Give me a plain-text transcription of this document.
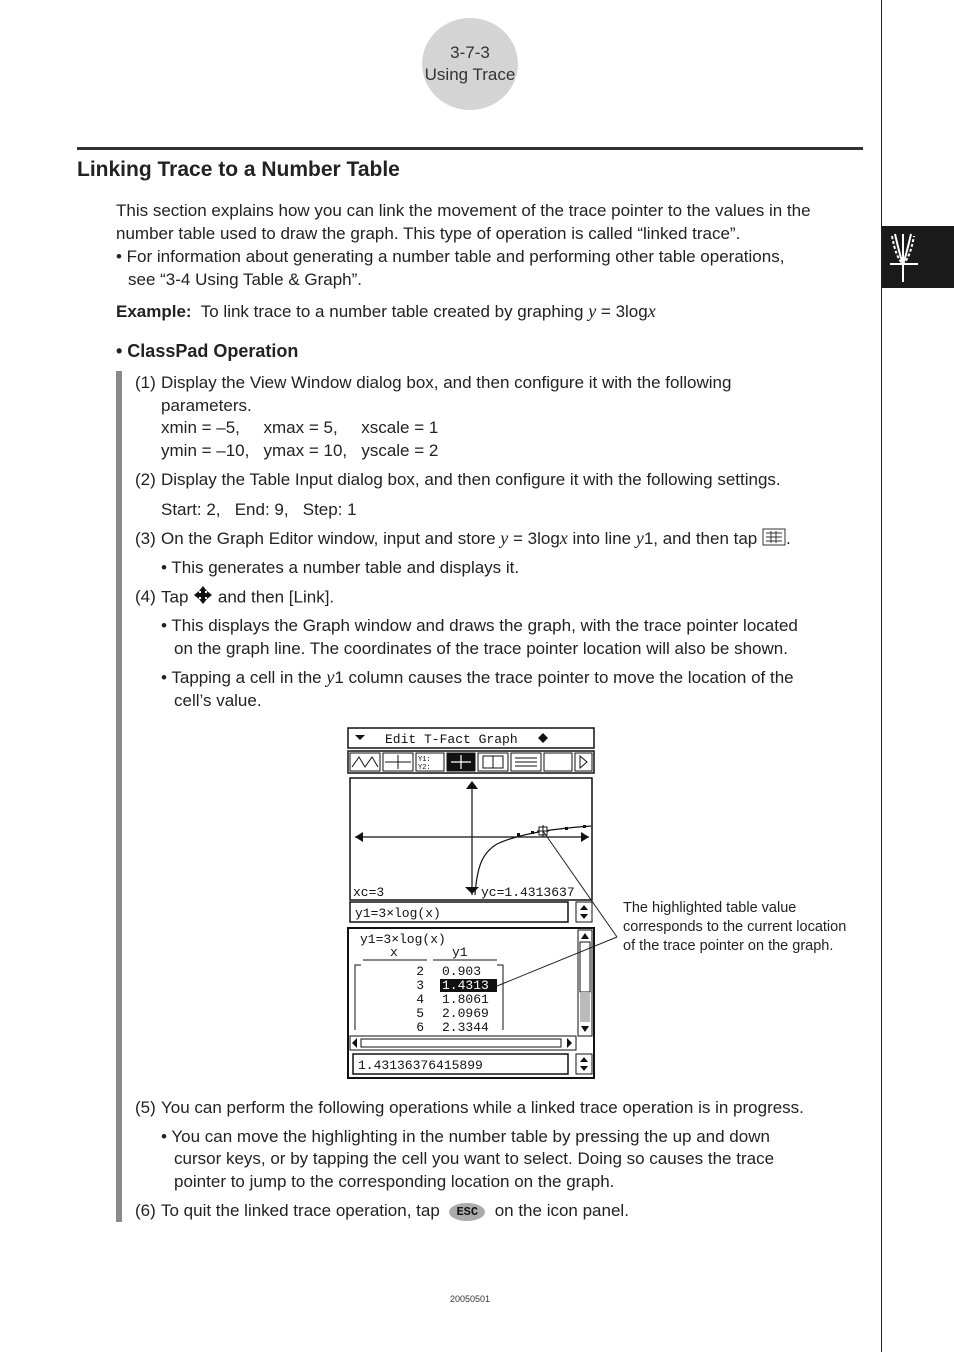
3-7-3
Using Trace
Linking Trace to a Number Table
This section explains how you can link the movement of the trace pointer to the values in the
number table used to draw the graph. This type of operation is called “linked trace”.
• For information about generating a number table and performing other table operations,
see “3-4 Using Table & Graph”.
Example: To link trace to a number table created by graphing y = 3logx
• ClassPad Operation
(1) Display the View Window dialog box, and then configure it with the following
parameters.
xmin = –5,     xmax = 5,     xscale = 1
ymin = –10,   ymax = 10,   yscale = 2
(2) Display the Table Input dialog box, and then configure it with the following settings.
Start: 2,   End: 9,   Step: 1
(3) On the Graph Editor window, input and store y = 3logx into line y1, and then tap .
• This generates a number table and displays it.
(4) Tap and then [Link].
• This displays the Graph window and draws the graph, with the trace pointer located
on the graph line. The coordinates of the trace pointer location will also be shown.
• Tapping a cell in the y1 column causes the trace pointer to move the location of the
cell’s value.
Edit T-Fact Graph
Y1:
Y2:
xc=3	yc=1.4313637
y1=3×log(x)
y1=3×log(x)
x	y1
2 0.903
3 1.4313
4 1.8061
5 2.0969
6 2.3344
1.43136376415899
The highlighted table value corresponds to the current location of the trace pointer on the graph.
(5) You can perform the following operations while a linked trace operation is in progress.
• You can move the highlighting in the number table by pressing the up and down
cursor keys, or by tapping the cell you want to select. Doing so causes the trace
pointer to jump to the corresponding location on the graph.
(6) To quit the linked trace operation, tap ESC on the icon panel.
20050501
